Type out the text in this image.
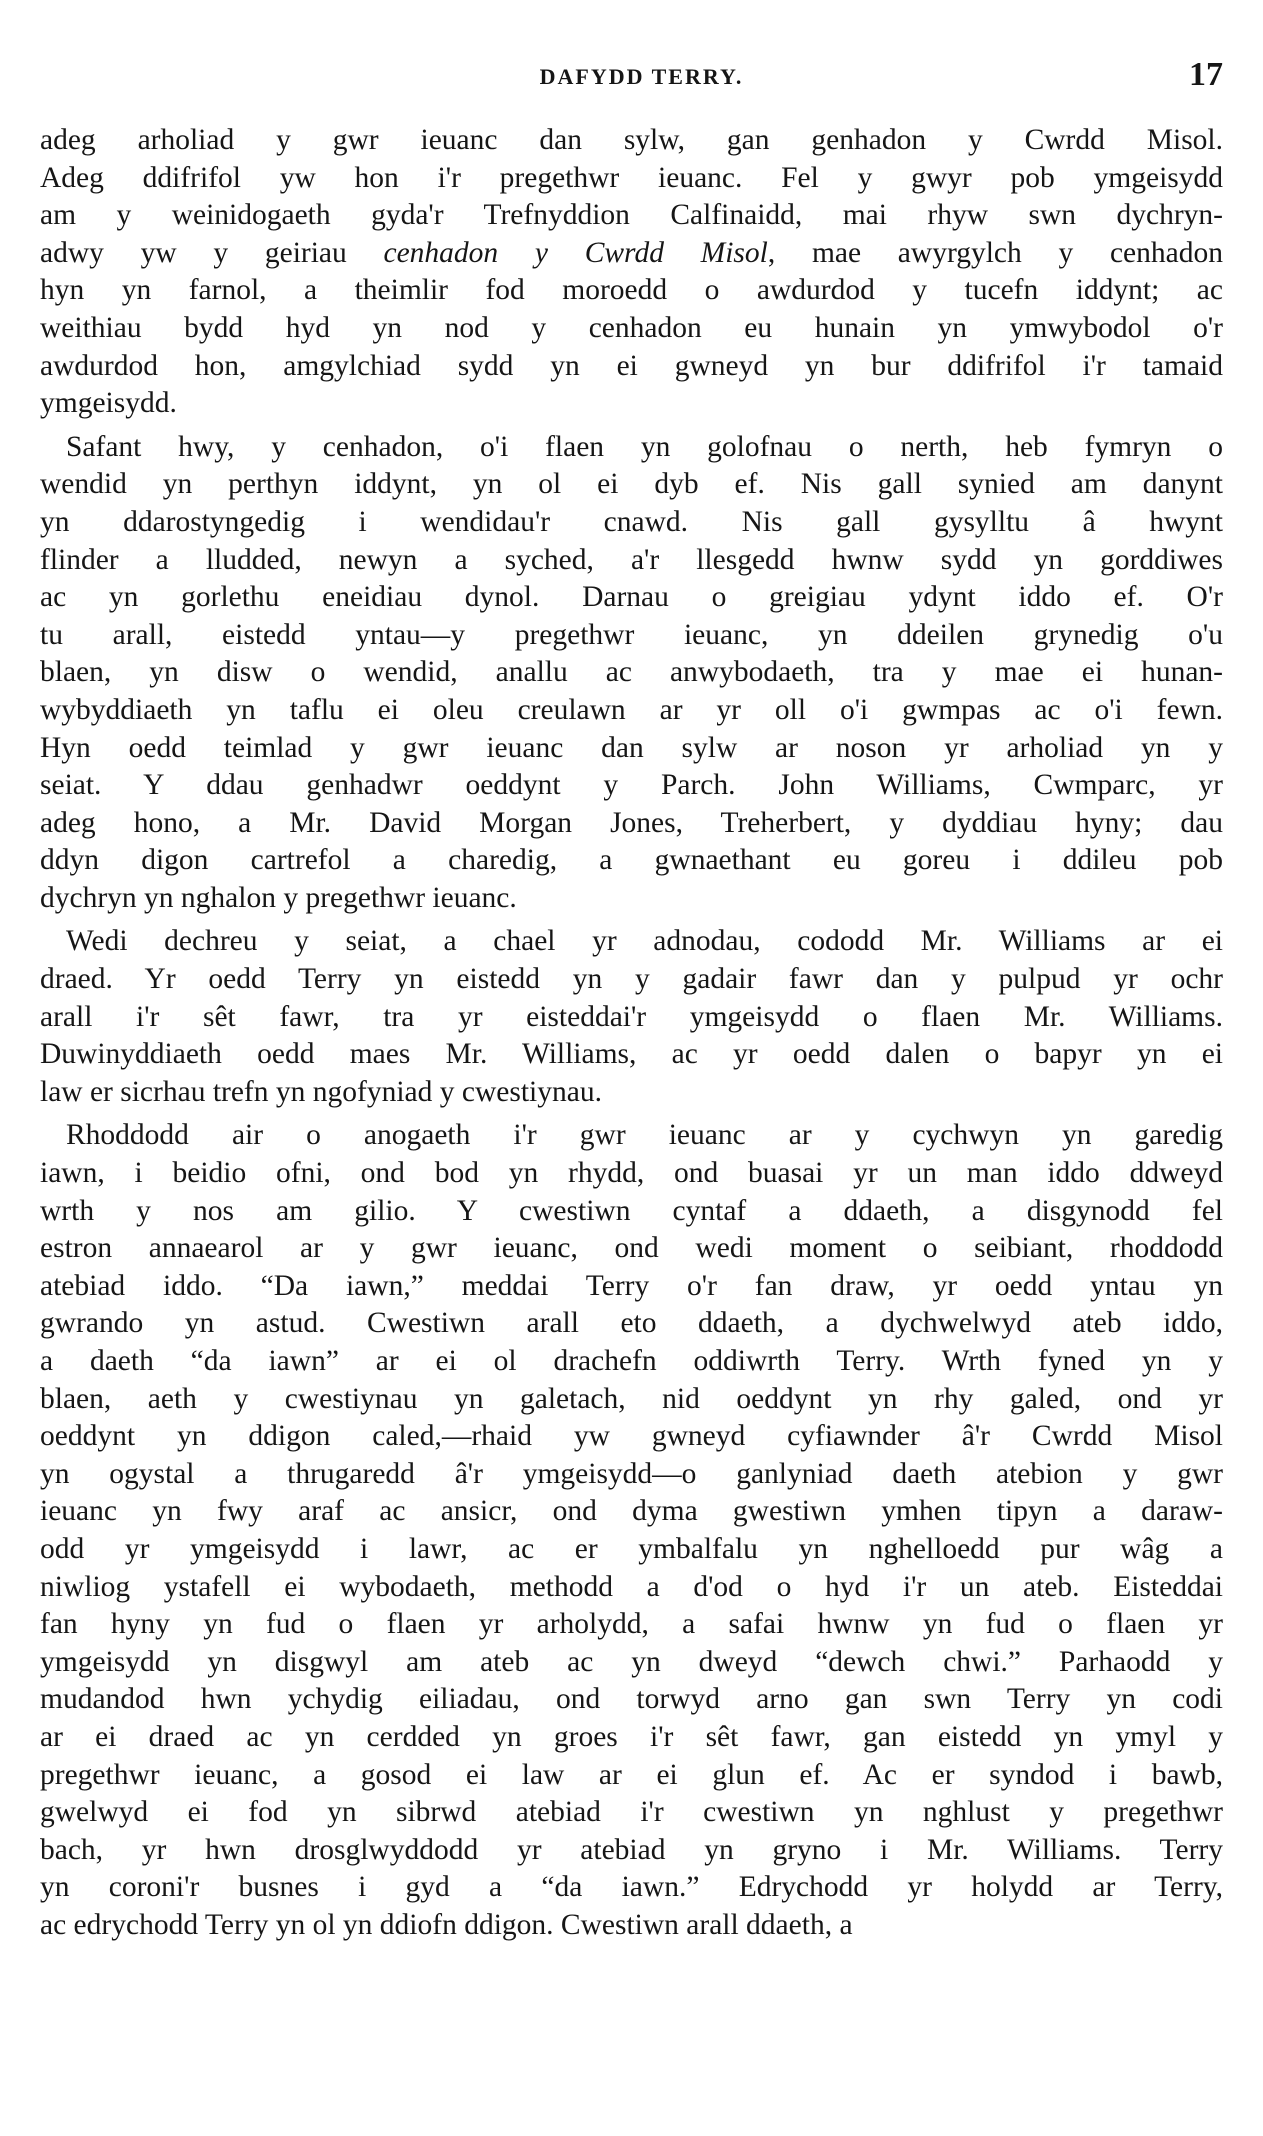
DAFYDD TERRY.	17
adeg arholiad y gwr ieuanc dan sylw, gan genhadon y Cwrdd Misol.
Adeg ddifrifol yw hon i'r pregethwr ieuanc. Fel y gwyr pob ymgeisydd
am y weinidogaeth gyda'r Trefnyddion Calfinaidd, mai rhyw swn dychryn-
adwy yw y geiriau cenhadon y Cwrdd Misol, mae awyrgylch y cenhadon
hyn yn farnol, a theimlir fod moroedd o awdurdod y tucefn iddynt; ac
weithiau bydd hyd yn nod y cenhadon eu hunain yn ymwybodol o'r
awdurdod hon, amgylchiad sydd yn ei gwneyd yn bur ddifrifol i'r tamaid
ymgeisydd.
Safant hwy, y cenhadon, o'i flaen yn golofnau o nerth, heb fymryn o
wendid yn perthyn iddynt, yn ol ei dyb ef. Nis gall synied am danynt
yn ddarostyngedig i wendidau'r cnawd. Nis gall gysylltu â hwynt
flinder a lludded, newyn a syched, a'r llesgedd hwnw sydd yn gorddiwes
ac yn gorlethu eneidiau dynol. Darnau o greigiau ydynt iddo ef. O'r
tu arall, eistedd yntau—y pregethwr ieuanc, yn ddeilen grynedig o'u
blaen, yn disw o wendid, anallu ac anwybodaeth, tra y mae ei hunan-
wybyddiaeth yn taflu ei oleu creulawn ar yr oll o'i gwmpas ac o'i fewn.
Hyn oedd teimlad y gwr ieuanc dan sylw ar noson yr arholiad yn y
seiat. Y ddau genhadwr oeddynt y Parch. John Williams, Cwmparc, yr
adeg hono, a Mr. David Morgan Jones, Treherbert, y dyddiau hyny; dau
ddyn digon cartrefol a charedig, a gwnaethant eu goreu i ddileu pob
dychryn yn nghalon y pregethwr ieuanc.
Wedi dechreu y seiat, a chael yr adnodau, cododd Mr. Williams ar ei
draed. Yr oedd Terry yn eistedd yn y gadair fawr dan y pulpud yr ochr
arall i'r sêt fawr, tra yr eisteddai'r ymgeisydd o flaen Mr. Williams.
Duwinyddiaeth oedd maes Mr. Williams, ac yr oedd dalen o bapyr yn ei
law er sicrhau trefn yn ngofyniad y cwestiynau.
Rhoddodd air o anogaeth i'r gwr ieuanc ar y cychwyn yn garedig
iawn, i beidio ofni, ond bod yn rhydd, ond buasai yr un man iddo ddweyd
wrth y nos am gilio. Y cwestiwn cyntaf a ddaeth, a disgynodd fel
estron annaearol ar y gwr ieuanc, ond wedi moment o seibiant, rhoddodd
atebiad iddo. “Da iawn,” meddai Terry o'r fan draw, yr oedd yntau yn
gwrando yn astud. Cwestiwn arall eto ddaeth, a dychwelwyd ateb iddo,
a daeth “da iawn” ar ei ol drachefn oddiwrth Terry. Wrth fyned yn y
blaen, aeth y cwestiynau yn galetach, nid oeddynt yn rhy galed, ond yr
oeddynt yn ddigon caled,—rhaid yw gwneyd cyfiawnder â'r Cwrdd Misol
yn ogystal a thrugaredd â'r ymgeisydd—o ganlyniad daeth atebion y gwr
ieuanc yn fwy araf ac ansicr, ond dyma gwestiwn ymhen tipyn a daraw-
odd yr ymgeisydd i lawr, ac er ymbalfalu yn nghelloedd pur wâg a
niwliog ystafell ei wybodaeth, methodd a d'od o hyd i'r un ateb. Eisteddai
fan hyny yn fud o flaen yr arholydd, a safai hwnw yn fud o flaen yr
ymgeisydd yn disgwyl am ateb ac yn dweyd “dewch chwi.” Parhaodd y
mudandod hwn ychydig eiliadau, ond torwyd arno gan swn Terry yn codi
ar ei draed ac yn cerdded yn groes i'r sêt fawr, gan eistedd yn ymyl y
pregethwr ieuanc, a gosod ei law ar ei glun ef. Ac er syndod i bawb,
gwelwyd ei fod yn sibrwd atebiad i'r cwestiwn yn nghlust y pregethwr
bach, yr hwn drosglwyddodd yr atebiad yn gryno i Mr. Williams. Terry
yn coroni'r busnes i gyd a “da iawn.” Edrychodd yr holydd ar Terry,
ac edrychodd Terry yn ol yn ddiofn ddigon. Cwestiwn arall ddaeth, a
